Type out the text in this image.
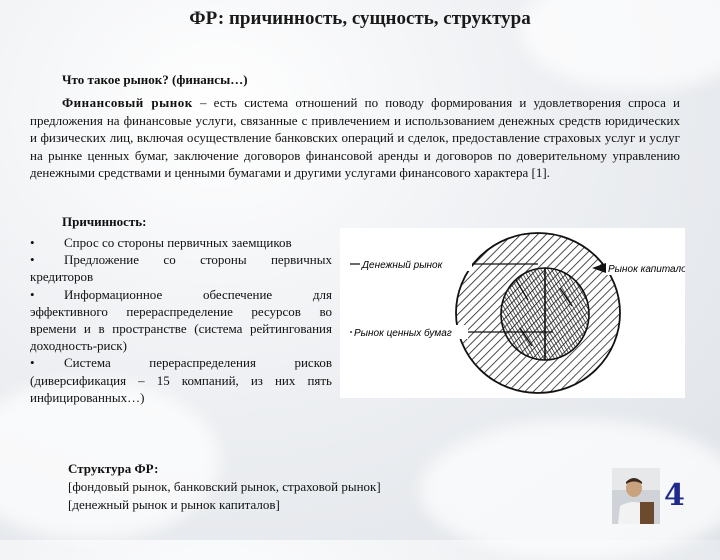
ФР: причинность, сущность, структура
Что такое рынок? (финансы…)
Финансовый рынок – есть система отношений по поводу формирования и удовлетворения спроса и предложения на финансовые услуги, связанные с привлечением и использованием денежных средств юридических и физических лиц, включая осуществление банковских операций и сделок, предоставление страховых услуг и услуг на рынке ценных бумаг, заключение договоров финансовой аренды и договоров по доверительному управлению денежными средствами и ценными бумагами и другими услугами финансового характера [1].
Причинность:
• Спрос со стороны первичных заемщиков
• Предложение со стороны первичных кредиторов
• Информационное обеспечение для эффективного перераспределение ресурсов во времени и в пространстве (система рейтингования доходность-риск)
• Система перераспределения рисков (диверсификация – 15 компаний, из них пять инфицированных…)
Денежный рынок
Рынок ценных бумаг
Рынок капиталов
Структура ФР:
[фондовый рынок, банковский рынок, страховой рынок]
[денежный рынок и рынок капиталов]	4
